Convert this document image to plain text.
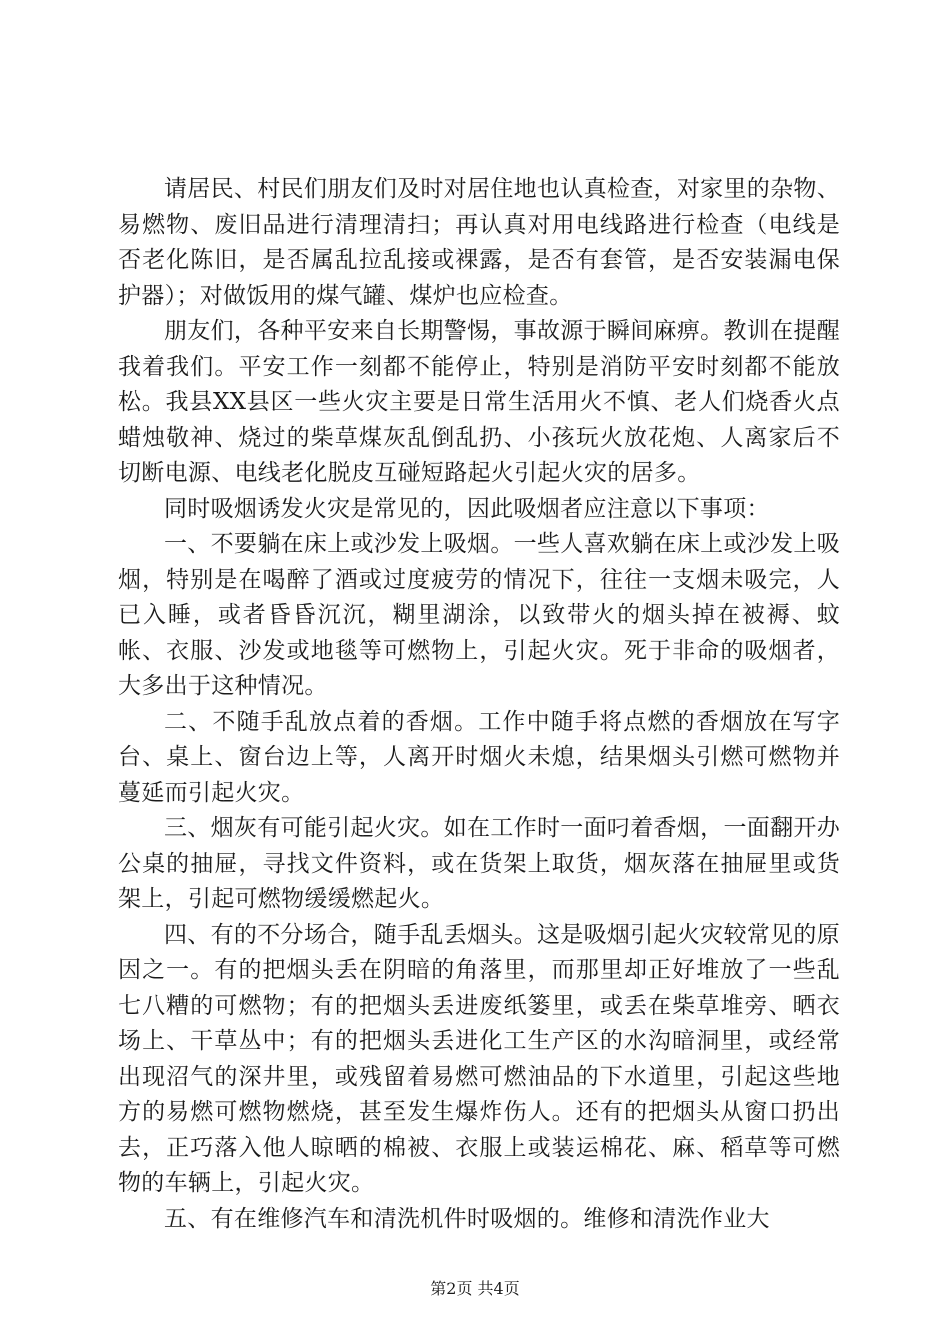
请居民、村民们朋友们及时对居住地也认真检查，对家里的杂物、易燃物、废旧品进行清理清扫；再认真对用电线路进行检查（电线是否老化陈旧，是否属乱拉乱接或裸露，是否有套管，是否安装漏电保护器）；对做饭用的煤气罐、煤炉也应检查。

朋友们，各种平安来自长期警惕，事故源于瞬间麻痹。教训在提醒我着我们。平安工作一刻都不能停止，特别是消防平安时刻都不能放松。我县XX县区一些火灾主要是日常生活用火不慎、老人们烧香火点蜡烛敬神、烧过的柴草煤灰乱倒乱扔、小孩玩火放花炮、人离家后不切断电源、电线老化脱皮互碰短路起火引起火灾的居多。

同时吸烟诱发火灾是常见的，因此吸烟者应注意以下事项：

一、不要躺在床上或沙发上吸烟。一些人喜欢躺在床上或沙发上吸烟，特别是在喝醉了酒或过度疲劳的情况下，往往一支烟未吸完，人已入睡，或者昏昏沉沉，糊里湖涂，以致带火的烟头掉在被褥、蚊帐、衣服、沙发或地毯等可燃物上，引起火灾。死于非命的吸烟者，大多出于这种情况。

二、不随手乱放点着的香烟。工作中随手将点燃的香烟放在写字台、桌上、窗台边上等，人离开时烟火未熄，结果烟头引燃可燃物并蔓延而引起火灾。

三、烟灰有可能引起火灾。如在工作时一面叼着香烟，一面翻开办公桌的抽屉，寻找文件资料，或在货架上取货，烟灰落在抽屉里或货架上，引起可燃物缓缓燃起火。

四、有的不分场合，随手乱丢烟头。这是吸烟引起火灾较常见的原因之一。有的把烟头丢在阴暗的角落里，而那里却正好堆放了一些乱七八糟的可燃物；有的把烟头丢进废纸篓里，或丢在柴草堆旁、晒衣场上、干草丛中；有的把烟头丢进化工生产区的水沟暗洞里，或经常出现沼气的深井里，或残留着易燃可燃油品的下水道里，引起这些地方的易燃可燃物燃烧，甚至发生爆炸伤人。还有的把烟头从窗口扔出去，正巧落入他人晾晒的棉被、衣服上或装运棉花、麻、稻草等可燃物的车辆上，引起火灾。

五、有在维修汽车和清洗机件时吸烟的。维修和清洗作业大

第2页 共4页
